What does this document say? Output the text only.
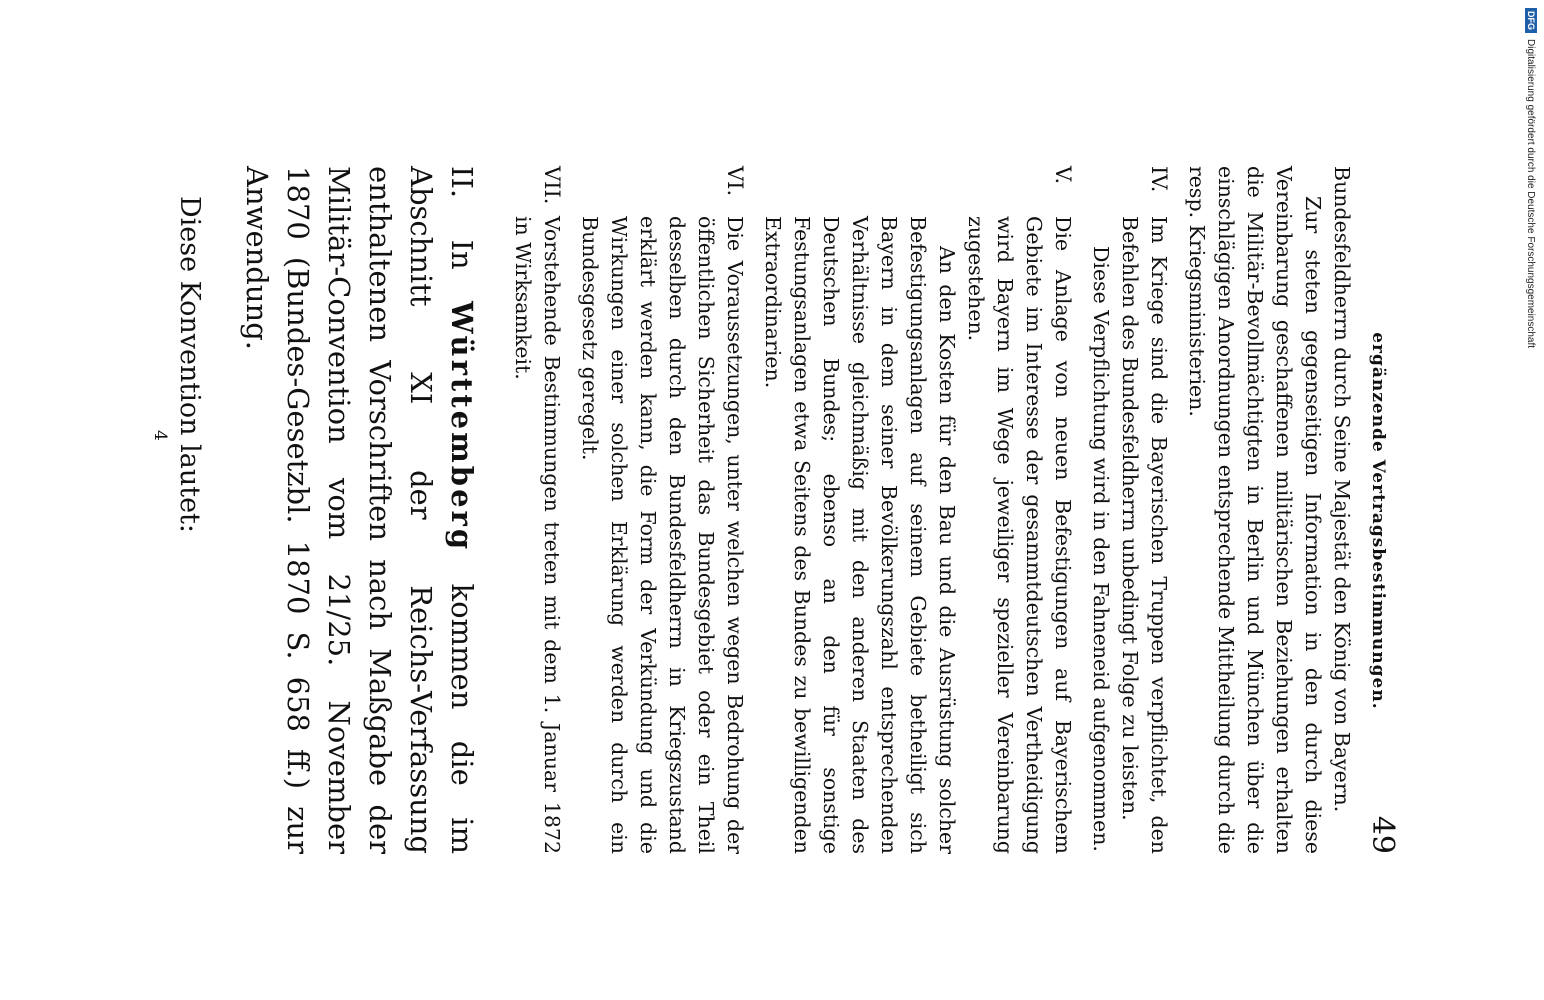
ergänzende Vertragsbestimmungen.
49

Bundesfeldherrn durch Seine Majestät den König von Bayern.

Zur steten gegenseitigen Information in den durch diese Vereinbarung geschaffenen militärischen Beziehungen erhalten die Militär-Bevollmächtigten in Berlin und München über die einschlägigen Anordnungen entsprechende Mittheilung durch die resp. Kriegsministerien.

IV.

Im Kriege sind die Bayerischen Truppen verpflichtet, den Befehlen des Bundesfeldherrn unbedingt Folge zu leisten.

Diese Verpflichtung wird in den Fahneneid aufgenommen.

V.

Die Anlage von neuen Befestigungen auf Bayerischem Gebiete im Interesse der gesammtdeutschen Vertheidigung wird Bayern im Wege jeweiliger spezieller Vereinbarung zugestehen.

An den Kosten für den Bau und die Ausrüstung solcher Befestigungsanlagen auf seinem Gebiete betheiligt sich Bayern in dem seiner Bevölkerungszahl entsprechenden Verhältnisse gleichmäßig mit den anderen Staaten des Deutschen Bundes; ebenso an den für sonstige Festungsanlagen etwa Seitens des Bundes zu bewilligenden Extraordinarien.

VI.

Die Voraussetzungen, unter welchen wegen Bedrohung der öffentlichen Sicherheit das Bundesgebiet oder ein Theil desselben durch den Bundesfeldherrn in Kriegszustand erklärt werden kann, die Form der Verkündung und die Wirkungen einer solchen Erklärung werden durch ein Bundesgesetz geregelt.

VII.

Vorstehende Bestimmungen treten mit dem 1. Januar 1872 in Wirksamkeit.

II. In Württemberg kommen die im Abschnitt XI der Reichs-Verfassung enthaltenen Vorschriften nach Maßgabe der Militär-Convention vom 21/25. November 1870 (Bundes-Gesetzbl. 1870 S. 658 ff.) zur Anwendung.

Diese Konvention lautet:

4
DFG
Digitalisierung gefördert durch die Deutsche Forschungsgemeinschaft
